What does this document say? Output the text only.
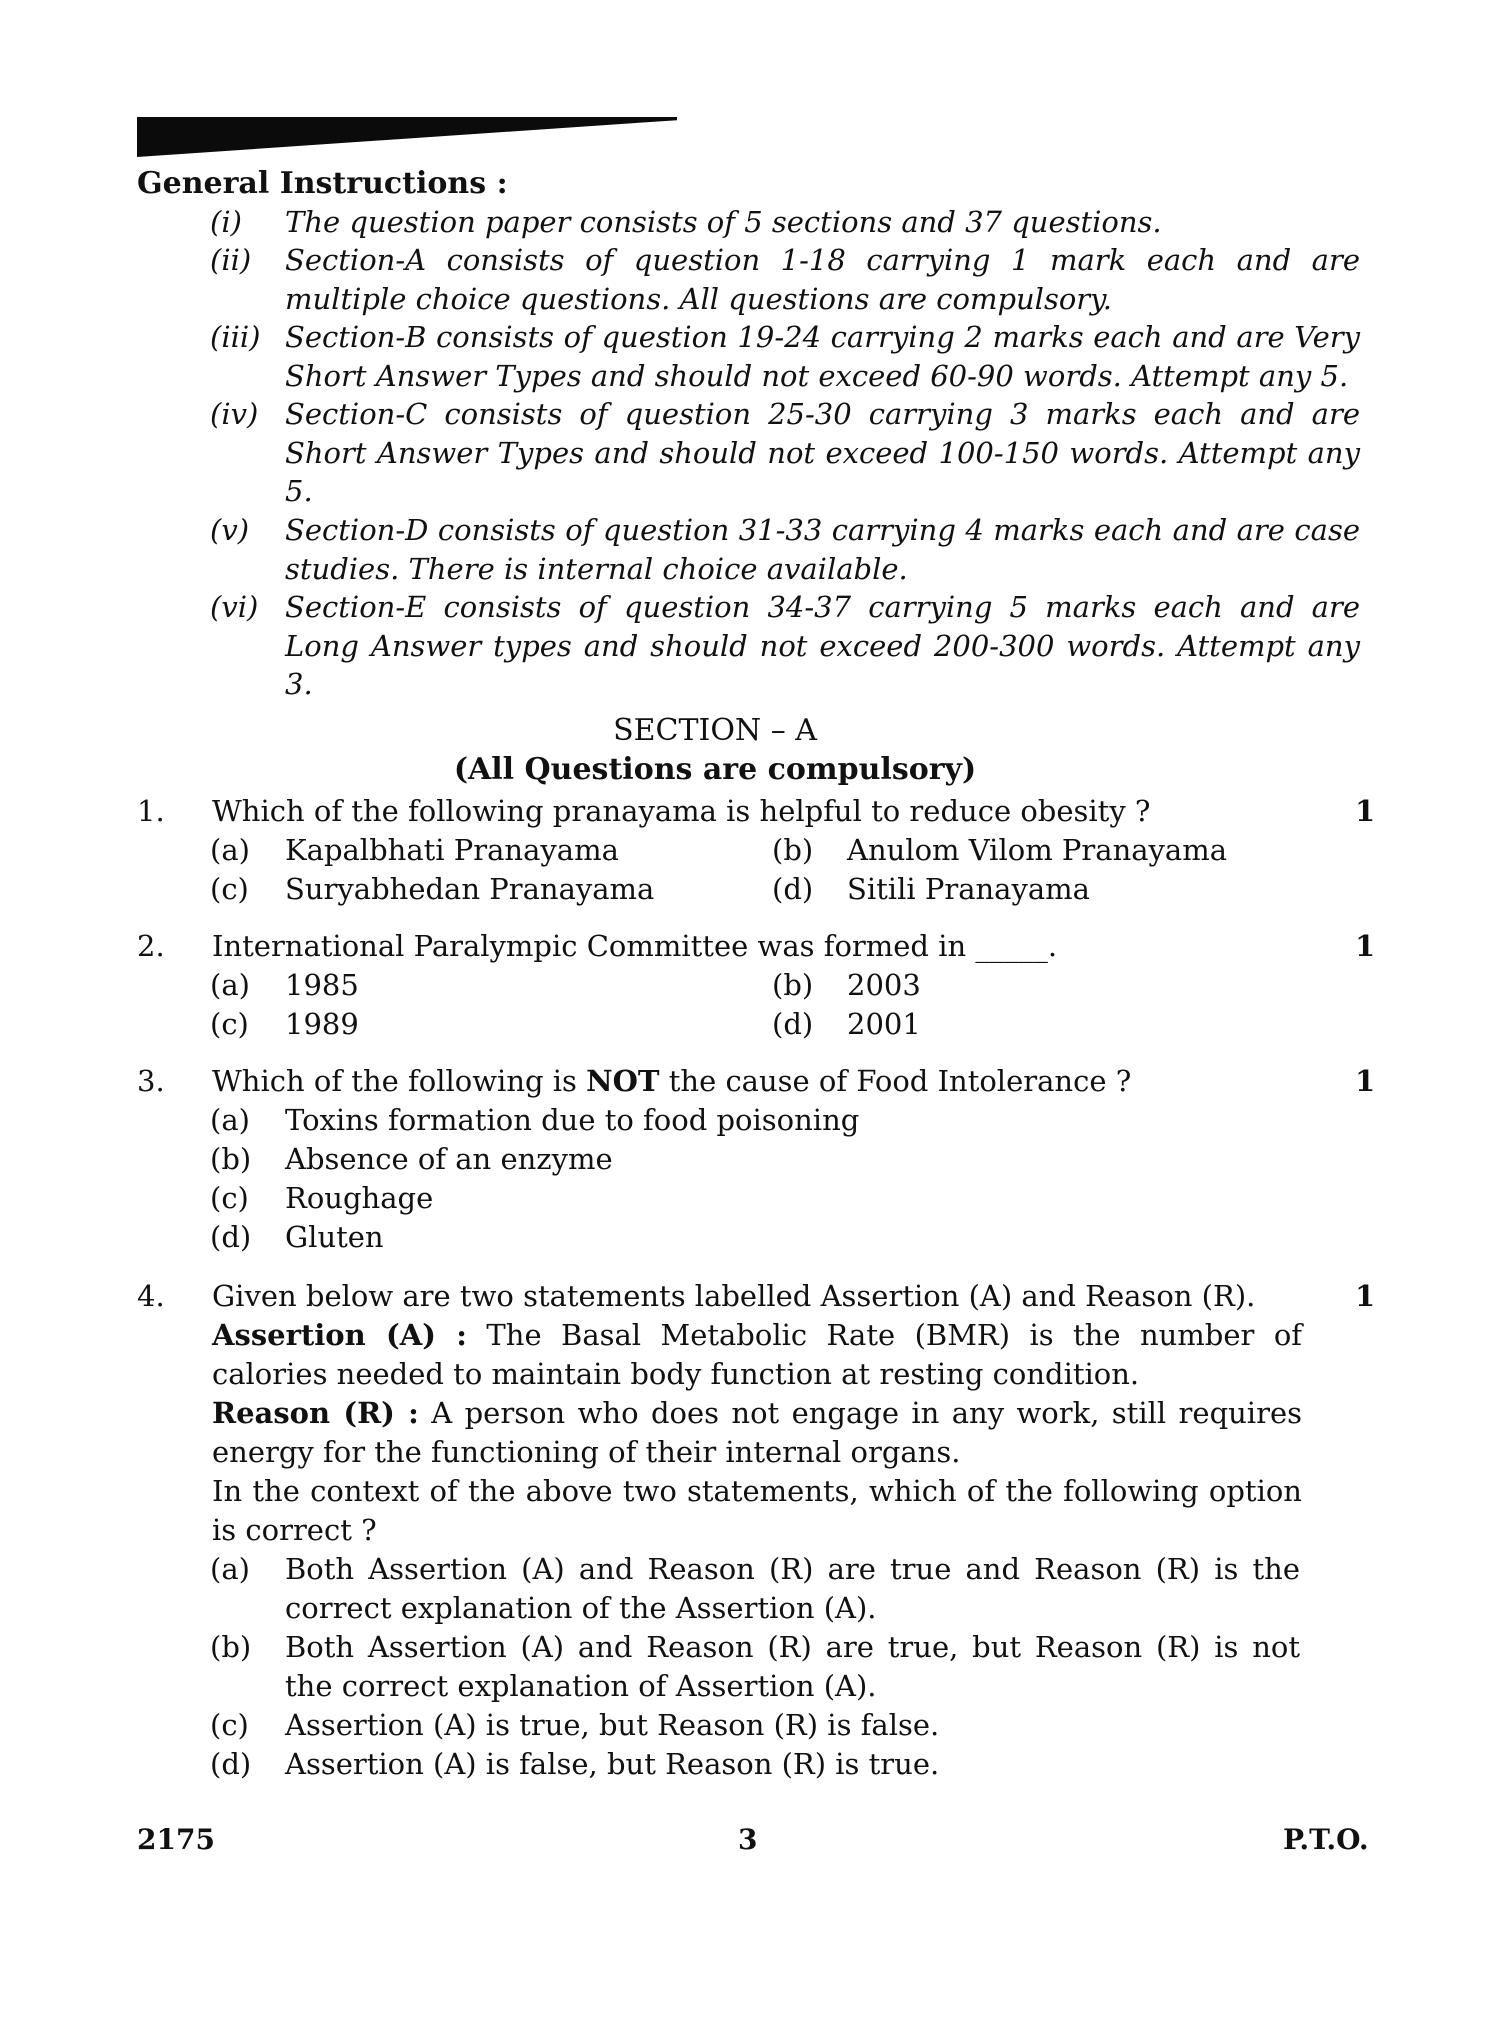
General Instructions :
(i)	The question paper consists of 5 sections and 37 questions.
(ii)	Section-A consists of question 1-18 carrying 1 mark each and are multiple choice questions. All questions are compulsory.
(iii) Section-B consists of question 19-24 carrying 2 marks each and are Very Short Answer Types and should not exceed 60-90 words. Attempt any 5.
(iv) Section-C consists of question 25-30 carrying 3 marks each and are Short Answer Types and should not exceed 100-150 words. Attempt any 5.
(v)	Section-D consists of question 31-33 carrying 4 marks each and are case studies. There is internal choice available.
(vi) Section-E consists of question 34-37 carrying 5 marks each and are Long Answer types and should not exceed 200-300 words. Attempt any 3.
SECTION – A
(All Questions are compulsory)
1. Which of the following pranayama is helpful to reduce obesity ?	1
(a) Kapalbhati Pranayama	(b) Anulom Vilom Pranayama
(c) Suryabhedan Pranayama	(d) Sitili Pranayama
2. International Paralympic Committee was formed in _____.	1
(a) 1985	(b) 2003
(c) 1989	(d) 2001
3. Which of the following is NOT the cause of Food Intolerance ?	1
(a) Toxins formation due to food poisoning
(b) Absence of an enzyme
(c) Roughage
(d) Gluten
4. Given below are two statements labelled Assertion (A) and Reason (R).	1
Assertion (A) : The Basal Metabolic Rate (BMR) is the number of calories needed to maintain body function at resting condition.
Reason (R) : A person who does not engage in any work, still requires energy for the functioning of their internal organs.
In the context of the above two statements, which of the following option is correct ?
(a) Both Assertion (A) and Reason (R) are true and Reason (R) is the correct explanation of the Assertion (A).
(b) Both Assertion (A) and Reason (R) are true, but Reason (R) is not the correct explanation of Assertion (A).
(c) Assertion (A) is true, but Reason (R) is false.
(d) Assertion (A) is false, but Reason (R) is true.
2175	3	P.T.O.
